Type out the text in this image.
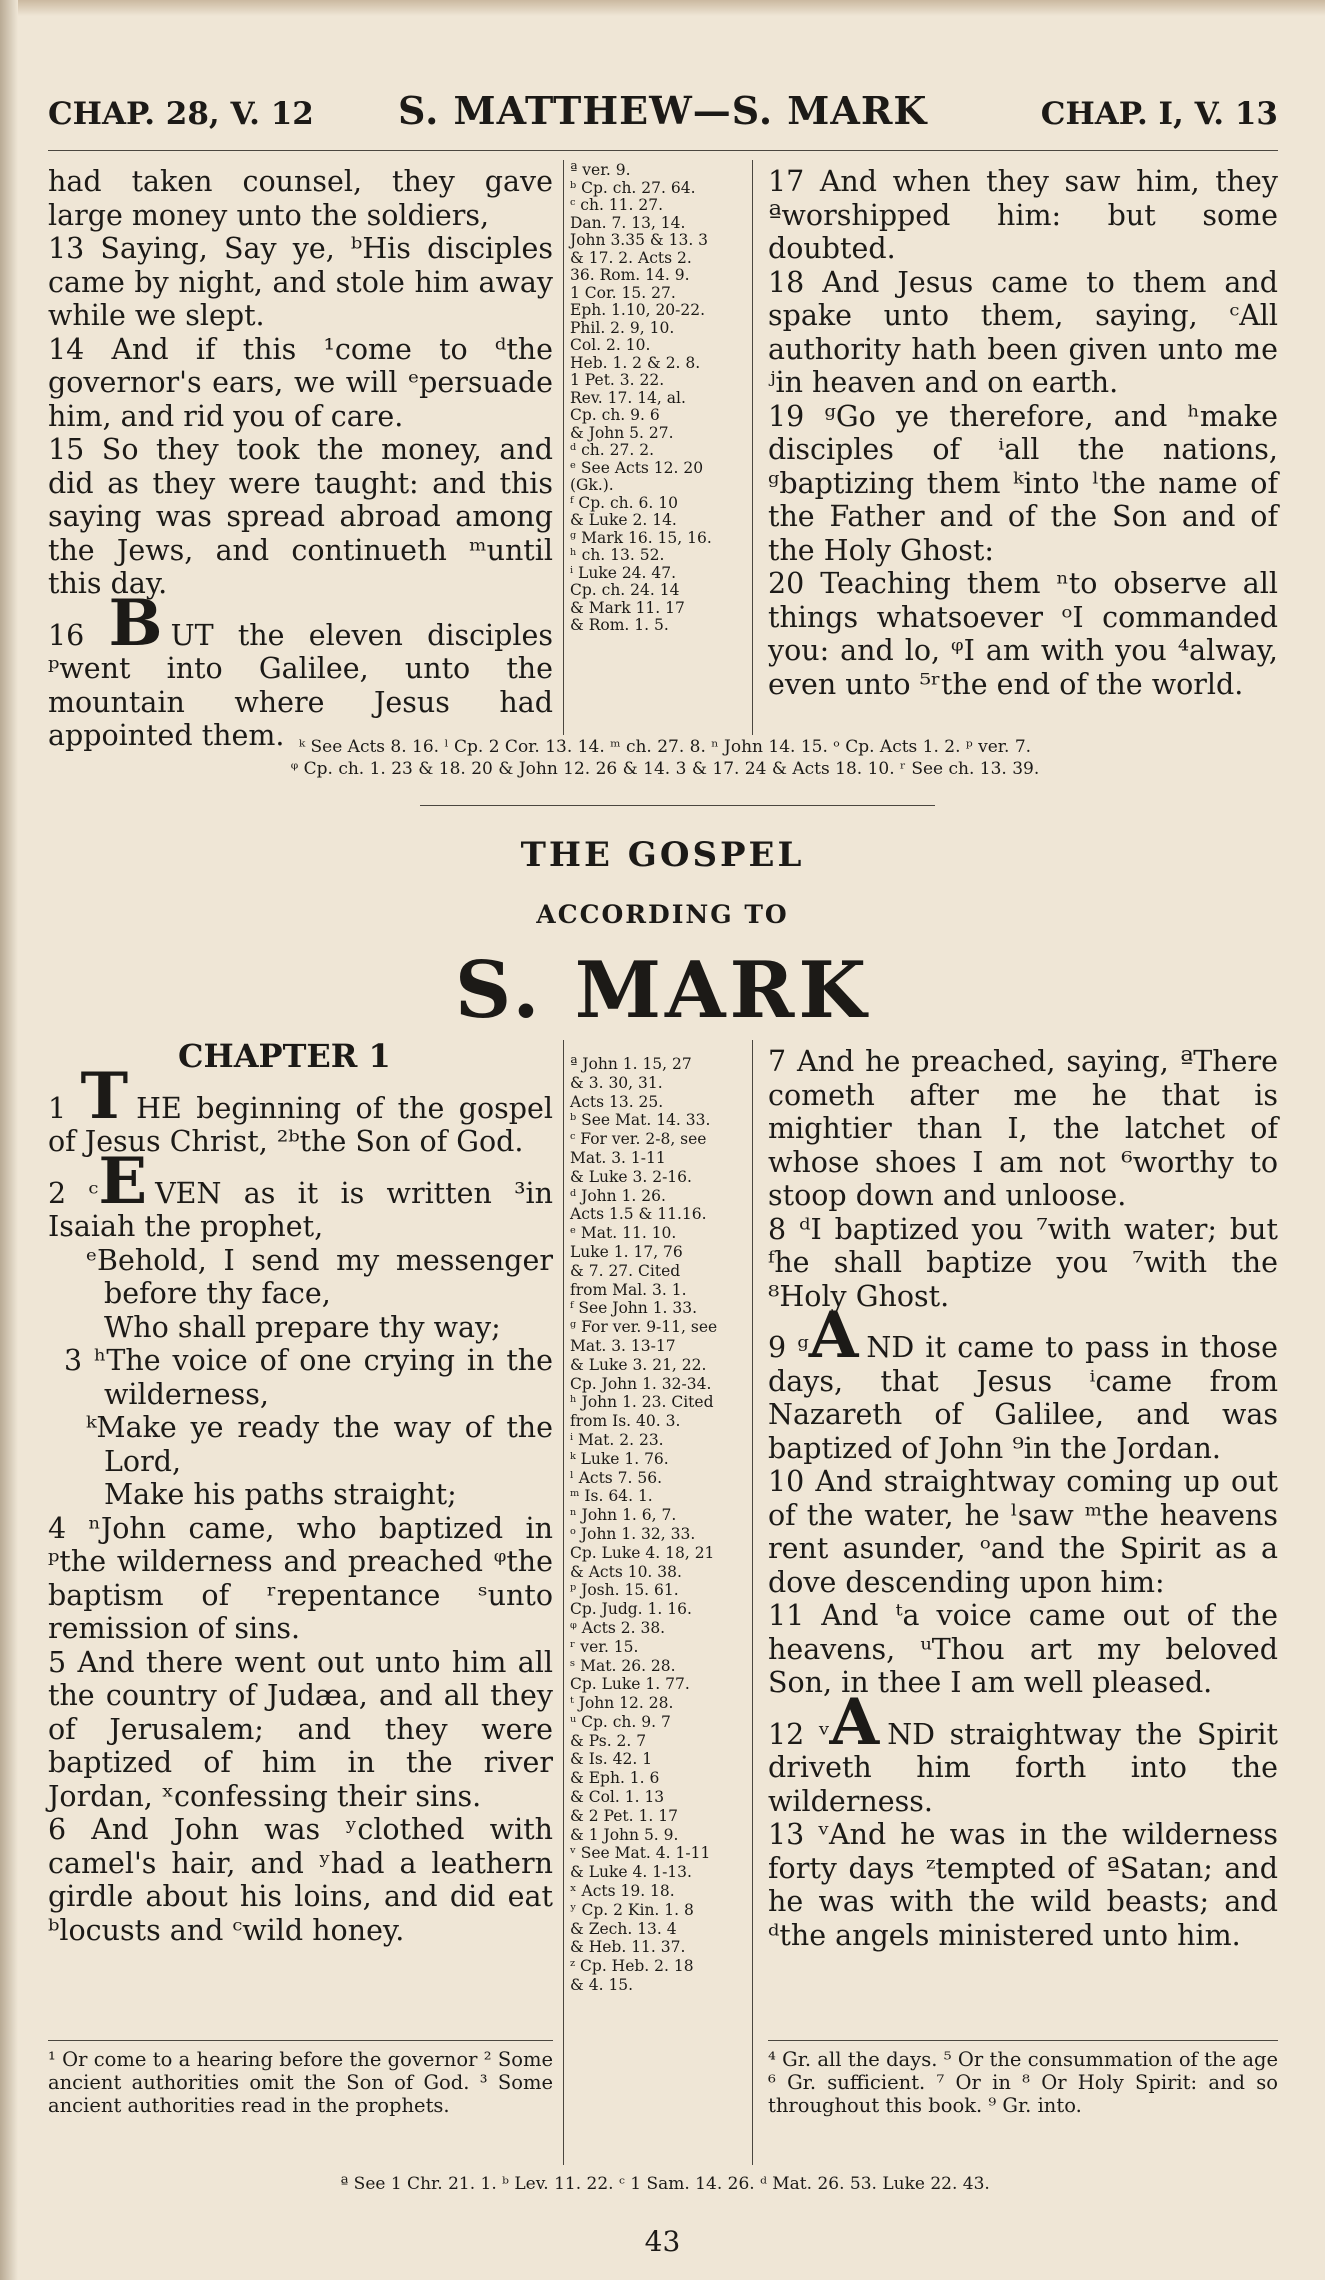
CHAP. 28, V. 12 S. MATTHEW—S. MARK	CHAP. I, V. 13

had taken counsel, they gave large money unto the soldiers,

13 Saying, Say ye, ᵇHis disciples came by night, and stole him away while we slept.

14 And if this ¹come to ᵈthe governor's ears, we will ᵉpersuade him, and rid you of care.

15 So they took the money, and did as they were taught: and this saying was spread abroad among the Jews, and continueth ᵐuntil this day.

16 B UT the eleven disciples ᵖwent into Galilee, unto the mountain where Jesus had appointed them.

ª ver. 9.
ᵇ Cp. ch. 27. 64.
ᶜ ch. 11. 27.
Dan. 7. 13, 14.
John 3.35 & 13. 3
& 17. 2. Acts 2.
36. Rom. 14. 9.
1 Cor. 15. 27.
Eph. 1.10, 20-22.
Phil. 2. 9, 10.
Col. 2. 10.
Heb. 1. 2 & 2. 8.
1 Pet. 3. 22.
Rev. 17. 14, al.
Cp. ch. 9. 6
& John 5. 27.
ᵈ ch. 27. 2.
ᵉ See Acts 12. 20
(Gk.).
ᶠ Cp. ch. 6. 10
& Luke 2. 14.
ᵍ Mark 16. 15, 16.
ʰ ch. 13. 52.
ⁱ Luke 24. 47.
Cp. ch. 24. 14
& Mark 11. 17
& Rom. 1. 5.

17 And when they saw him, they ªworshipped him: but some doubted.

18 And Jesus came to them and spake unto them, saying, ᶜAll authority hath been given unto me ʲin heaven and on earth.

19 ᵍGo ye therefore, and ʰmake disciples of ⁱall the nations, ᵍbaptizing them ᵏinto ˡthe name of the Father and of the Son and of the Holy Ghost:

20 Teaching them ⁿto observe all things whatsoever ᵒI commanded you: and lo, ᵠI am with you ⁴alway, even unto ⁵ʳthe end of the world.

ᵏ See Acts 8. 16. ˡ Cp. 2 Cor. 13. 14. ᵐ ch. 27. 8. ⁿ John 14. 15. ᵒ Cp. Acts 1. 2. ᵖ ver. 7.
ᵠ Cp. ch. 1. 23 & 18. 20 & John 12. 26 & 14. 3 & 17. 24 & Acts 18. 10. ʳ See ch. 13. 39.
THE GOSPEL
ACCORDING TO
S. MARK

CHAPTER 1

1 T HE beginning of the gospel of Jesus Christ, ²ᵇthe Son of God.

2 ᶜE VEN as it is written ³in Isaiah the prophet,

ᵉBehold, I send my messenger before thy face,

Who shall prepare thy way;

3 ʰThe voice of one crying in the wilderness,

ᵏMake ye ready the way of the Lord,

Make his paths straight;

4 ⁿJohn came, who baptized in ᵖthe wilderness and preached ᵠthe baptism of ʳrepentance ˢunto remission of sins.

5 And there went out unto him all the country of Judæa, and all they of Jerusalem; and they were baptized of him in the river Jordan, ˣconfessing their sins.

6 And John was ʸclothed with camel's hair, and ʸhad a leathern girdle about his loins, and did eat ᵇlocusts and ᶜwild honey.

¹ Or come to a hearing before the governor ² Some ancient authorities omit the Son of God. ³ Some ancient authorities read in the prophets.

ª John 1. 15, 27
& 3. 30, 31.
Acts 13. 25.
ᵇ See Mat. 14. 33.
ᶜ For ver. 2-8, see
Mat. 3. 1-11
& Luke 3. 2-16.
ᵈ John 1. 26.
Acts 1.5 & 11.16.
ᵉ Mat. 11. 10.
Luke 1. 17, 76
& 7. 27. Cited
from Mal. 3. 1.
ᶠ See John 1. 33.
ᵍ For ver. 9-11, see
Mat. 3. 13-17
& Luke 3. 21, 22.
Cp. John 1. 32-34.
ʰ John 1. 23. Cited
from Is. 40. 3.
ⁱ Mat. 2. 23.
ᵏ Luke 1. 76.
ˡ Acts 7. 56.
ᵐ Is. 64. 1.
ⁿ John 1. 6, 7.
ᵒ John 1. 32, 33.
Cp. Luke 4. 18, 21
& Acts 10. 38.
ᵖ Josh. 15. 61.
Cp. Judg. 1. 16.
ᵠ Acts 2. 38.
ʳ ver. 15.
ˢ Mat. 26. 28.
Cp. Luke 1. 77.
ᵗ John 12. 28.
ᵘ Cp. ch. 9. 7
& Ps. 2. 7
& Is. 42. 1
& Eph. 1. 6
& Col. 1. 13
& 2 Pet. 1. 17
& 1 John 5. 9.
ᵛ See Mat. 4. 1-11
& Luke 4. 1-13.
ˣ Acts 19. 18.
ʸ Cp. 2 Kin. 1. 8
& Zech. 13. 4
& Heb. 11. 37.
ᶻ Cp. Heb. 2. 18
& 4. 15.

7 And he preached, saying, ªThere cometh after me he that is mightier than I, the latchet of whose shoes I am not ⁶worthy to stoop down and unloose.

8 ᵈI baptized you ⁷with water; but ᶠhe shall baptize you ⁷with the ⁸Holy Ghost.

9 ᵍA ND it came to pass in those days, that Jesus ⁱcame from Nazareth of Galilee, and was baptized of John ⁹in the Jordan.

10 And straightway coming up out of the water, he ˡsaw ᵐthe heavens rent asunder, ᵒand the Spirit as a dove descending upon him:

11 And ᵗa voice came out of the heavens, ᵘThou art my beloved Son, in thee I am well pleased.

12 ᵛA ND straightway the Spirit driveth him forth into the wilderness.

13 ᵛAnd he was in the wilderness forty days ᶻtempted of ªSatan; and he was with the wild beasts; and ᵈthe angels ministered unto him.

⁴ Gr. all the days. ⁵ Or the consummation of the age ⁶ Gr. sufficient. ⁷ Or in ⁸ Or Holy Spirit: and so throughout this book. ⁹ Gr. into.

ª See 1 Chr. 21. 1. ᵇ Lev. 11. 22. ᶜ 1 Sam. 14. 26. ᵈ Mat. 26. 53. Luke 22. 43.
43
